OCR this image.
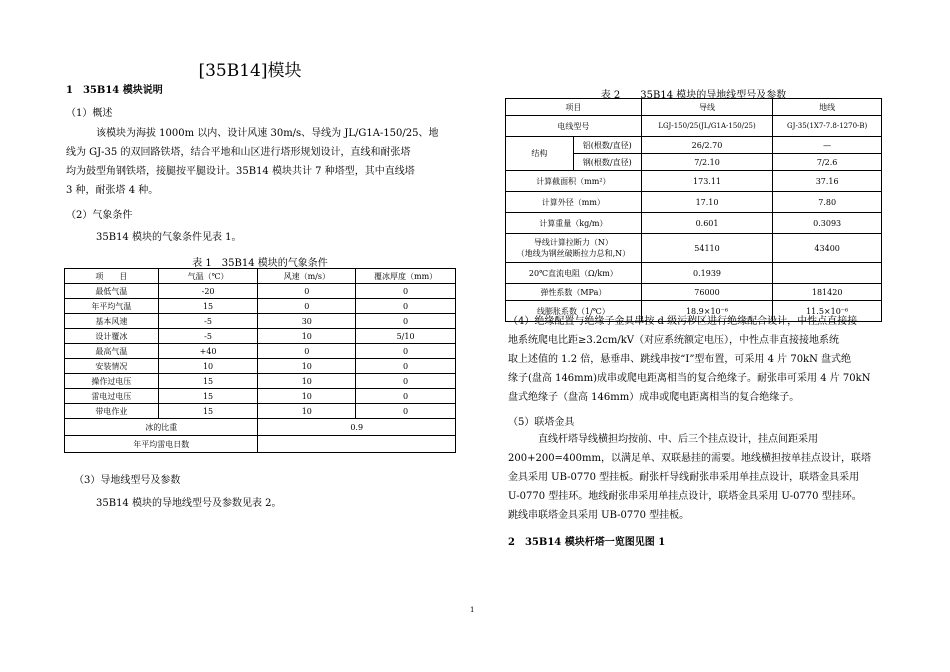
[35B14]模块
1　35B14 模块说明
（1）概述
该模块为海拔 1000m 以内、设计风速 30m/s、导线为 JL/G1A-150/25、地
线为 GJ-35 的双回路铁塔，结合平地和山区进行塔形规划设计，直线和耐张塔
均为鼓型角钢铁塔，接腿按平腿设计。35B14 模块共计 7 种塔型，其中直线塔
3 种，耐张塔 4 种。
（2）气象条件
35B14 模块的气象条件见表 1。
表 1　35B14 模块的气象条件
项　　目	气温（℃）	风速（m/s）	覆冰厚度（mm）
最低气温	-20	0	0
年平均气温	15	0	0
基本风速	-5	30	0
设计覆冰	-5	10	5/10
最高气温	+40	0	0
安装情况	10	10	0
操作过电压	15	10	0
雷电过电压	15	10	0
带电作业	15	10	0
冰的比重		0.9	
年平均雷电日数			
（3）导地线型号及参数
35B14 模块的导地线型号及参数见表 2。
表 2　　35B14 模块的导地线型号及参数
项目		导线	地线
电线型号		LGJ-150/25(JL/G1A-150/25)	GJ-35(1X7-7.8-1270-B)
结构	铝(根数/直径)	26/2.70	—
	钢(根数/直径)	7/2.10	7/2.6
计算截面积（mm²）		173.11	37.16
计算外径（mm）		17.10	7.80
计算重量（kg/m）		0.601	0.3093

导线计算拉断力（N）
（地线为钢丝破断拉力总和,N）		54110	43400
20℃直流电阻（Ω/km）		0.1939	
弹性系数（MPa）		76000	181420
线膨胀系数（1/℃）		18.9×10⁻⁶	11.5×10⁻⁶
（4）绝缘配置与绝缘子金具串按 d 级污秽区进行绝缘配合设计，中性点直接接
地系统爬电比距≥3.2cm/kV（对应系统额定电压），中性点非直接接地系统
取上述值的 1.2 倍，悬垂串、跳线串按“I”型布置，可采用 4 片 70kN 盘式绝
缘子(盘高 146mm)成串或爬电距离相当的复合绝缘子。耐张串可采用 4 片 70kN
盘式绝缘子（盘高 146mm）成串或爬电距离相当的复合绝缘子。
（5）联塔金具
直线杆塔导线横担均按前、中、后三个挂点设计，挂点间距采用
200+200=400mm，以满足单、双联悬挂的需要。地线横担按单挂点设计，联塔
金具采用 UB-0770 型挂板。耐张杆导线耐张串采用单挂点设计，联塔金具采用
U-0770 型挂环。地线耐张串采用单挂点设计，联塔金具采用 U-0770 型挂环。
跳线串联塔金具采用 UB-0770 型挂板。
2　35B14 模块杆塔一览图见图 1
1
